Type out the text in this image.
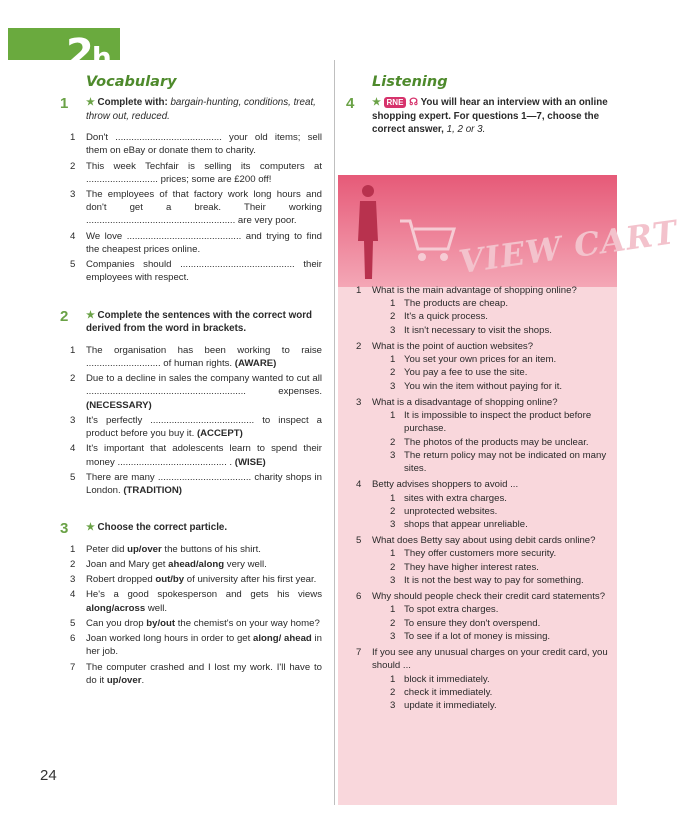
2h
VIEW CART
Vocabulary
1 ★ Complete with: bargain-hunting, conditions, treat, throw out, reduced.
1 Don't ........................................ your old items; sell them on eBay or donate them to charity.
2 This week Techfair is selling its computers at ........................... prices; some are £200 off!
3 The employees of that factory work long hours and don't get a break. Their working ........................................................ are very poor.
4 We love ........................................... and trying to find the cheapest prices online.
5 Companies should ........................................... their employees with respect.
2 ★ Complete the sentences with the correct word derived from the word in brackets.
1 The organisation has been working to raise ............................ of human rights. (AWARE)
2 Due to a decline in sales the company wanted to cut all ............................................................ expenses. (NECESSARY)
3 It's perfectly ....................................... to inspect a product before you buy it. (ACCEPT)
4 It's important that adolescents learn to spend their money ......................................... . (WISE)
5 There are many ................................... charity shops in London. (TRADITION)
3 ★ Choose the correct particle.
1 Peter did up/over the buttons of his shirt.
2 Joan and Mary get ahead/along very well.
3 Robert dropped out/by of university after his first year.
4 He's a good spokesperson and gets his views along/across well.
5 Can you drop by/out the chemist's on your way home?
6 Joan worked long hours in order to get along/ ahead in her job.
7 The computer crashed and I lost my work. I'll have to do it up/over.
Listening
4 ★ RNE ☊ You will hear an interview with an online shopping expert. For questions 1—7, choose the correct answer, 1, 2 or 3.
1 What is the main advantage of shopping online?
1 The products are cheap.
2 It's a quick process.
3 It isn't necessary to visit the shops.
2 What is the point of auction websites?
1 You set your own prices for an item.
2 You pay a fee to use the site.
3 You win the item without paying for it.
3 What is a disadvantage of shopping online?
1 It is impossible to inspect the product before purchase.
2 The photos of the products may be unclear.
3 The return policy may not be indicated on many sites.
4 Betty advises shoppers to avoid ...
1 sites with extra charges.
2 unprotected websites.
3 shops that appear unreliable.
5 What does Betty say about using debit cards online?
1 They offer customers more security.
2 They have higher interest rates.
3 It is not the best way to pay for something.
6 Why should people check their credit card statements?
1 To spot extra charges.
2 To ensure they don't overspend.
3 To see if a lot of money is missing.
7 If you see any unusual charges on your credit card, you should ...
1 block it immediately.
2 check it immediately.
3 update it immediately.
24
